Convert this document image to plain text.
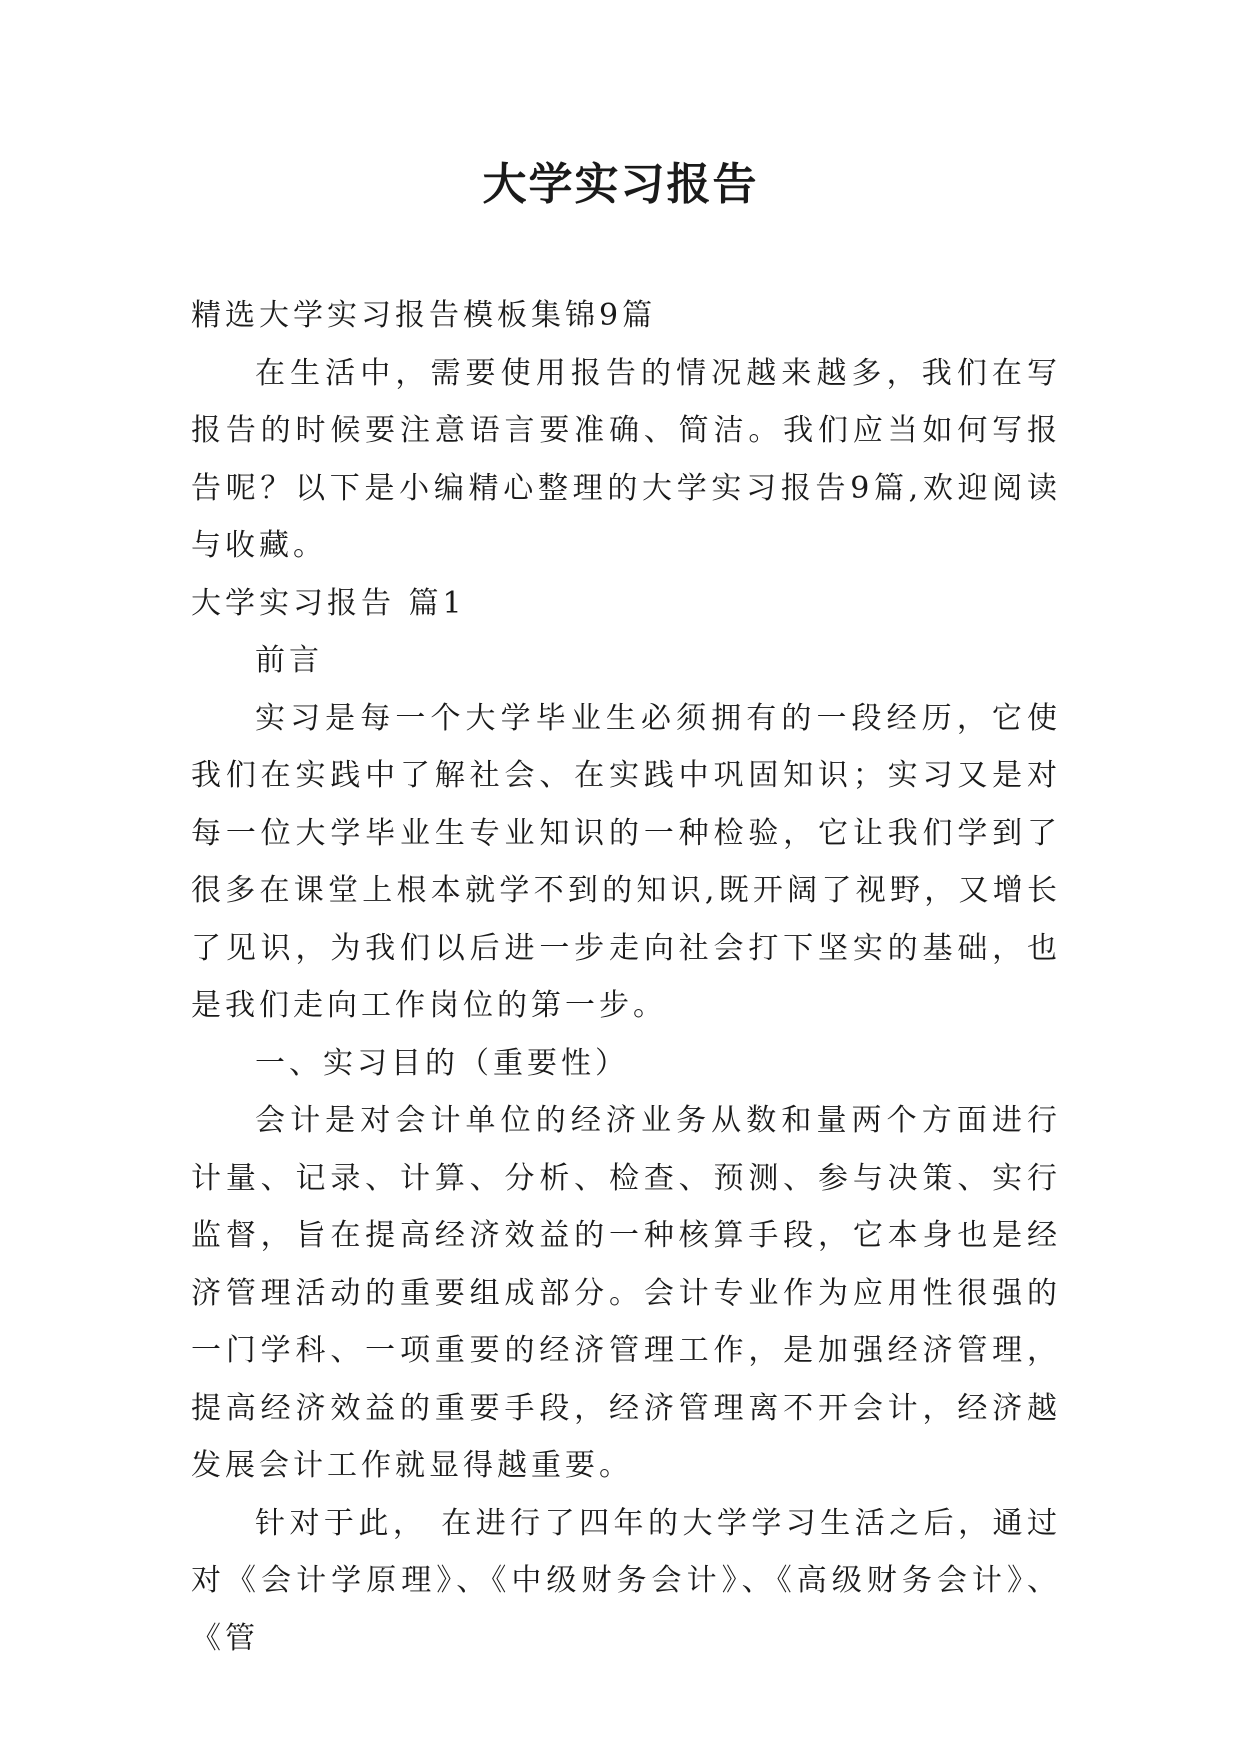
大学实习报告

精选大学实习报告模板集锦9篇

在生活中，需要使用报告的情况越来越多，我们在写报告的时候要注意语言要准确、简洁。我们应当如何写报告呢？以下是小编精心整理的大学实习报告9篇,欢迎阅读与收藏。

大学实习报告 篇1

前言

实习是每一个大学毕业生必须拥有的一段经历，它使我们在实践中了解社会、在实践中巩固知识；实习又是对每一位大学毕业生专业知识的一种检验，它让我们学到了很多在课堂上根本就学不到的知识,既开阔了视野，又增长了见识，为我们以后进一步走向社会打下坚实的基础，也是我们走向工作岗位的第一步。

一、实习目的（重要性）

会计是对会计单位的经济业务从数和量两个方面进行计量、记录、计算、分析、检查、预测、参与决策、实行监督，旨在提高经济效益的一种核算手段，它本身也是经济管理活动的重要组成部分。会计专业作为应用性很强的一门学科、一项重要的经济管理工作，是加强经济管理，提高经济效益的重要手段，经济管理离不开会计，经济越发展会计工作就显得越重要。

针对于此， 在进行了四年的大学学习生活之后，通过对《会计学原理》、《中级财务会计》、《高级财务会计》、《管
